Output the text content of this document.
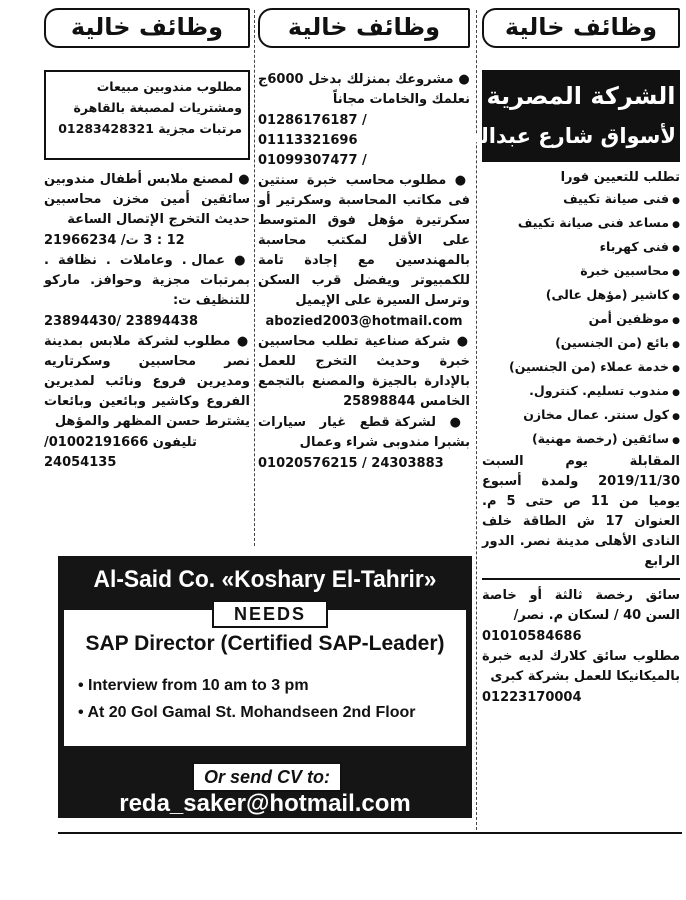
وظائف خالية
الشركة المصرية
لأسواق شارع عبدالعزيز
تطلب للتعيين فورا
● فنى صيانة تكييف
● مساعد فنى صيانة تكييف
● فنى كهرباء
● محاسبين خبرة
● كاشير (مؤهل عالى)
● موظفين أمن
● بائع (من الجنسين)
● خدمة عملاء (من الجنسين)
● مندوب تسليم. كنترول.
● كول سنتر. عمال مخازن
● سائقين (رخصة مهنية)
المقابلة يوم السبت 2019/11/30 ولمدة أسبوع يوميا من 11 ص حتى 5 م. العنوان 17 ش الطاقة خلف النادى الأهلى مدينة نصر. الدور الرابع

سائق رخصة ثالثة أو خاصة السن 40 / لسكان م. نصر/

01010584686

مطلوب سائق كلارك لديه خبرة بالميكانيكا للعمل بشركة كبرى

01223170004
وظائف خالية

● مشروعك بمنزلك بدخل 6000ج نعلمك والخامات مجاناً

01286176187 / 01113321696
01099307477 /

● مطلوب محاسب خبرة سنتين فى مكاتب المحاسبة وسكرتير أو سكرتيرة مؤهل فوق المتوسط على الأقل لمكتب محاسبة بالمهندسين مع إجادة تامة للكمبيوتر ويفضل قرب السكن وترسل السيرة على الإيميل

abozied2003@hotmail.com

● شركة صناعية تطلب محاسبين خبرة وحديث التخرج للعمل بالإدارة بالجيزة والمصنع بالتجمع الخامس 25898844

● لشركة قطع غيار سيارات بشبرا مندوبى شراء وعمال

01020576215 / 24303883
وظائف خالية
مطلوب مندوبين مبيعات ومشتريات لمصبغة بالقاهرة مرتبات مجزية 01283428321

● لمصنع ملابس أطفال مندوبين سائقين أمين مخزن محاسبين حديث التخرج الإتصال الساعة

12 : 3 ت/ 21966234

● عمال . وعاملات . نظافة . بمرتبات مجزية وحوافز. ماركو للتنظيف ت:

23894430/ 23894438

● مطلوب لشركة ملابس بمدينة نصر محاسبين وسكرتاريه ومديرين فروع ونائب لمديرين الفروع وكاشير وبائعين وبائعات يشترط حسن المظهر والمؤهل

تليفون 01002191666/ 24054135
Al-Said Co. «Koshary El-Tahrir»
NEEDS
SAP Director (Certified SAP-Leader)
• Interview from 10 am to 3 pm
• At 20 Gol Gamal St. Mohandseen 2nd Floor
Or send CV to:
reda_saker@hotmail.com
